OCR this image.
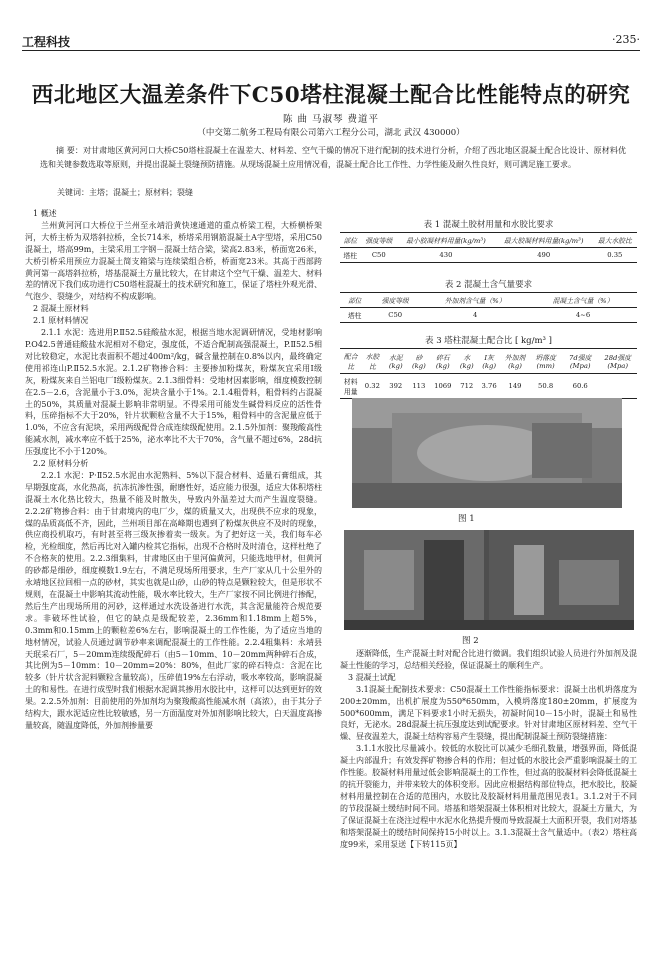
工程科技	·235·
西北地区大温差条件下C50塔柱混凝土配合比性能特点的研究
陈 曲 马淑琴 费道平
（中交第二航务工程局有限公司第六工程分公司，湖北 武汉 430000）

摘 要：对甘肃地区黄河河口大桥C50塔柱混凝土在温差大、材料差、空气干燥的情况下进行配制的技术进行分析，介绍了西北地区混凝土配合比设计、原材料优选和关键参数选取等原则，并提出混凝土裂缝预防措施。从现场混凝土应用情况看，混凝土配合比工作性、力学性能及耐久性良好，则可满足施工要求。

关键词：主塔；混凝土；原材料；裂缝

1 概述

兰州黄河河口大桥位于兰州至永靖沿黄快速通道的重点桥梁工程，大桥横桥架河，大桥主桥为双塔斜拉桥，全长714米，桥塔采用钢筋混凝土A字型塔，采用C50混凝土，塔高99m，主梁采用工字钢－混凝土结合梁，梁高2.83米，桥面宽26米，大桥引桥采用预应力混凝土简支箱梁与连续梁组合桥，桥面宽23米。其高于西部跨黄河第一高塔斜拉桥，塔基混凝土方量比较大，在甘肃这个空气干燥、温差大、材料差的情况下我们成功进行C50塔柱混凝土的技术研究和施工，保证了塔柱外观光滑、气泡少、裂缝少，对结构不构成影响。

2 混凝土原材料

2.1 原材料情况

2.1.1 水泥：选进用P.Ⅱ52.5硅酸盐水泥，根据当地水泥调研情况，受地材影响P.O42.5普通硅酸盐水泥相对不稳定，强度低，不适合配制高强混凝土，P.Ⅱ52.5相对比较稳定，水泥比表面积不超过400m²/kg，碱含量控制在0.8%以内，最终确定使用祁连山P.Ⅱ52.5水泥。2.1.2矿物掺合料：主要掺加粉煤灰，粉煤灰宜采用Ⅰ级灰，粉煤灰来自兰铝电厂Ⅰ级粉煤灰。2.1.3细骨料：受地材因素影响，细度模数控制在2.5－2.6，含泥量小于3.0%，泥块含量小于1%。2.1.4粗骨料，粗骨料约占混凝土的50%，其质量对混凝土影响非常明显。不得采用可能发生碱骨料反应的活性骨料，压碎指标不大于20%，针片状颗粒含量不大于15%，粗骨料中的含泥量应低于1.0%，不应含有泥块，采用两级配骨合成连续级配使用。2.1.5外加剂：聚羧酸高性能减水剂，减水率应不低于25%，泌水率比不大于70%，含气量不超过6%，28d抗压强度比不小于120%。

2.2 原材料分析

2.2.1 水泥：P·Ⅱ52.5水泥由水泥熟料、5%以下混合材料、适量石膏组成，其早期强度高，水化热高，抗冻抗渗性强，耐磨性好，适应能力很强，适应大体积塔柱混凝土水化热比较大，热量不能及时散失，导致内外温差过大而产生温度裂缝。2.2.2矿物掺合料：由于甘肃境内的电厂少，煤的质量又大，出现供不应求的现象，煤的品质高低不齐，因此，兰州项目部在高峰期也遇到了粉煤灰供应不及时的现象，供应商投机取巧，有时甚至将三级灰掺着卖一级灰。为了把好这一关，我们每车必检，光检细度，然后再比对入罐内检其它指标，出现不合格时及时清仓，这样杜绝了不合格灰的使用。2.2.3细集料，甘肃地区由于里河偏黄河，只能选地甲材，但黄河的砂都是细砂，细度模数1.9左右，不满足现场所用要求，生产厂家从几十公里外的永靖地区拉回相一点的砂材，其实也就是山砂，山砂的特点是颗粒较大，但是形状不规则，在混凝土中影响其流动性能，吸水率比较大，生产厂家按不同比例进行掺配，然后生产出现场所用的河砂，这样通过水洗设备进行水洗，其含泥量能符合规范要求。非破坏性试验，但它的缺点是级配较差，2.36mm和1.18mm上超5%，0.3mm和0.15mm上的颗粒差6%左右，影响混凝土的工作性能，为了适应当地的地材情况，试验人员通过调节砂率来调配混凝土的工作性能。2.2.4粗集料：永靖县天珉采石厂，5－20mm连续级配碎石（由5－10mm、10－20mm两种碎石合成，其比例为5－10mm：10－20mm=20%：80%，但此厂家的碎石特点：含泥在比较多（针片状含泥料颗粒含量较高），压碎值19%左右浮动，吸水率较高，影响混凝土的和易性。在进行成型时我们根据水泥调其掺用水胶比中，这样可以达到更好的效果。2.2.5外加剂：目前使用的外加剂均为聚羧酸高性能减水剂（高浓），由于其分子结构大，跟水泥适应性比较敏感，另一方面温度对外加剂影响比较大，白天温度高掺量较高，随温度降低，外加剂掺量要

表 1 混凝土胶材用量和水胶比要求
部位	强度等级	最小胶凝材料用量(kg/m³)	最大胶凝材料用量(kg/m³)	最大水胶比
塔柱	C50	430	490	0.35
表 2 混凝土含气量要求
部位	强度等级	外加剂含气量（%）	混凝土含气量（%）
塔柱	C50	4	4~6
表 3 塔柱混凝土配合比 [ kg/m³ ]
配合比	水胶比	水泥(kg)	砂(kg)	碎石(kg)	水(kg)	Ⅰ灰(kg)	外加剂(kg)	坍落度(mm)	7d强度(Mpa)	28d强度(Mpa)
材料用量	0.32	392	113	1069	712	3.76	149	50.8	60.6	
图 1
图 2

逐渐降低，生产混凝土时对配合比进行微调。我们组织试验人员进行外加剂及混凝土性能的学习，总结相关经验，保证混凝土的顺利生产。

3 混凝土试配

3.1混凝土配制技术要求：C50混凝土工作性能指标要求：混凝土出机坍落度为200±20mm，出机扩展度为550*650mm，入模坍落度180±20mm，扩展度为500*600mm，满足下料要求1小时无损失，初凝时间10－15小时，混凝土和易性良好，无泌水。28d混凝土抗压强度达到试配要求。针对甘肃地区原材料差、空气干燥、昼夜温差大，混凝土结构容易产生裂缝，提出配制混凝土预防裂缝措施：

3.1.1水胶比尽量减小。较低的水胶比可以减少毛细孔数量，增强界面，降低混凝土内部温升；有效发挥矿物掺合料的作用；但过低的水胶比会严重影响混凝土的工作性能。胶凝材料用量过低会影响混凝土的工作性，但过高的胶凝材料会降低混凝土的抗开裂能力，并带来较大的体积变形。因此应根据结构部位特点，把水胶比，胶凝材料用量控制在合适的范围内，水胶比及胶凝材料用量范围见表1。3.1.2对于不同的节段混凝土缓结时间不同。塔基和塔架混凝土体积相对比较大，混凝土方量大，为了保证混凝土在浇注过程中水泥水化热提升慢而导致混凝土大面积开裂，我们对塔基和塔架混凝土的缓结时间保持15小时以上。3.1.3混凝土含气量适中。（表2）塔柱高度99米，采用泵送【下转115页】
